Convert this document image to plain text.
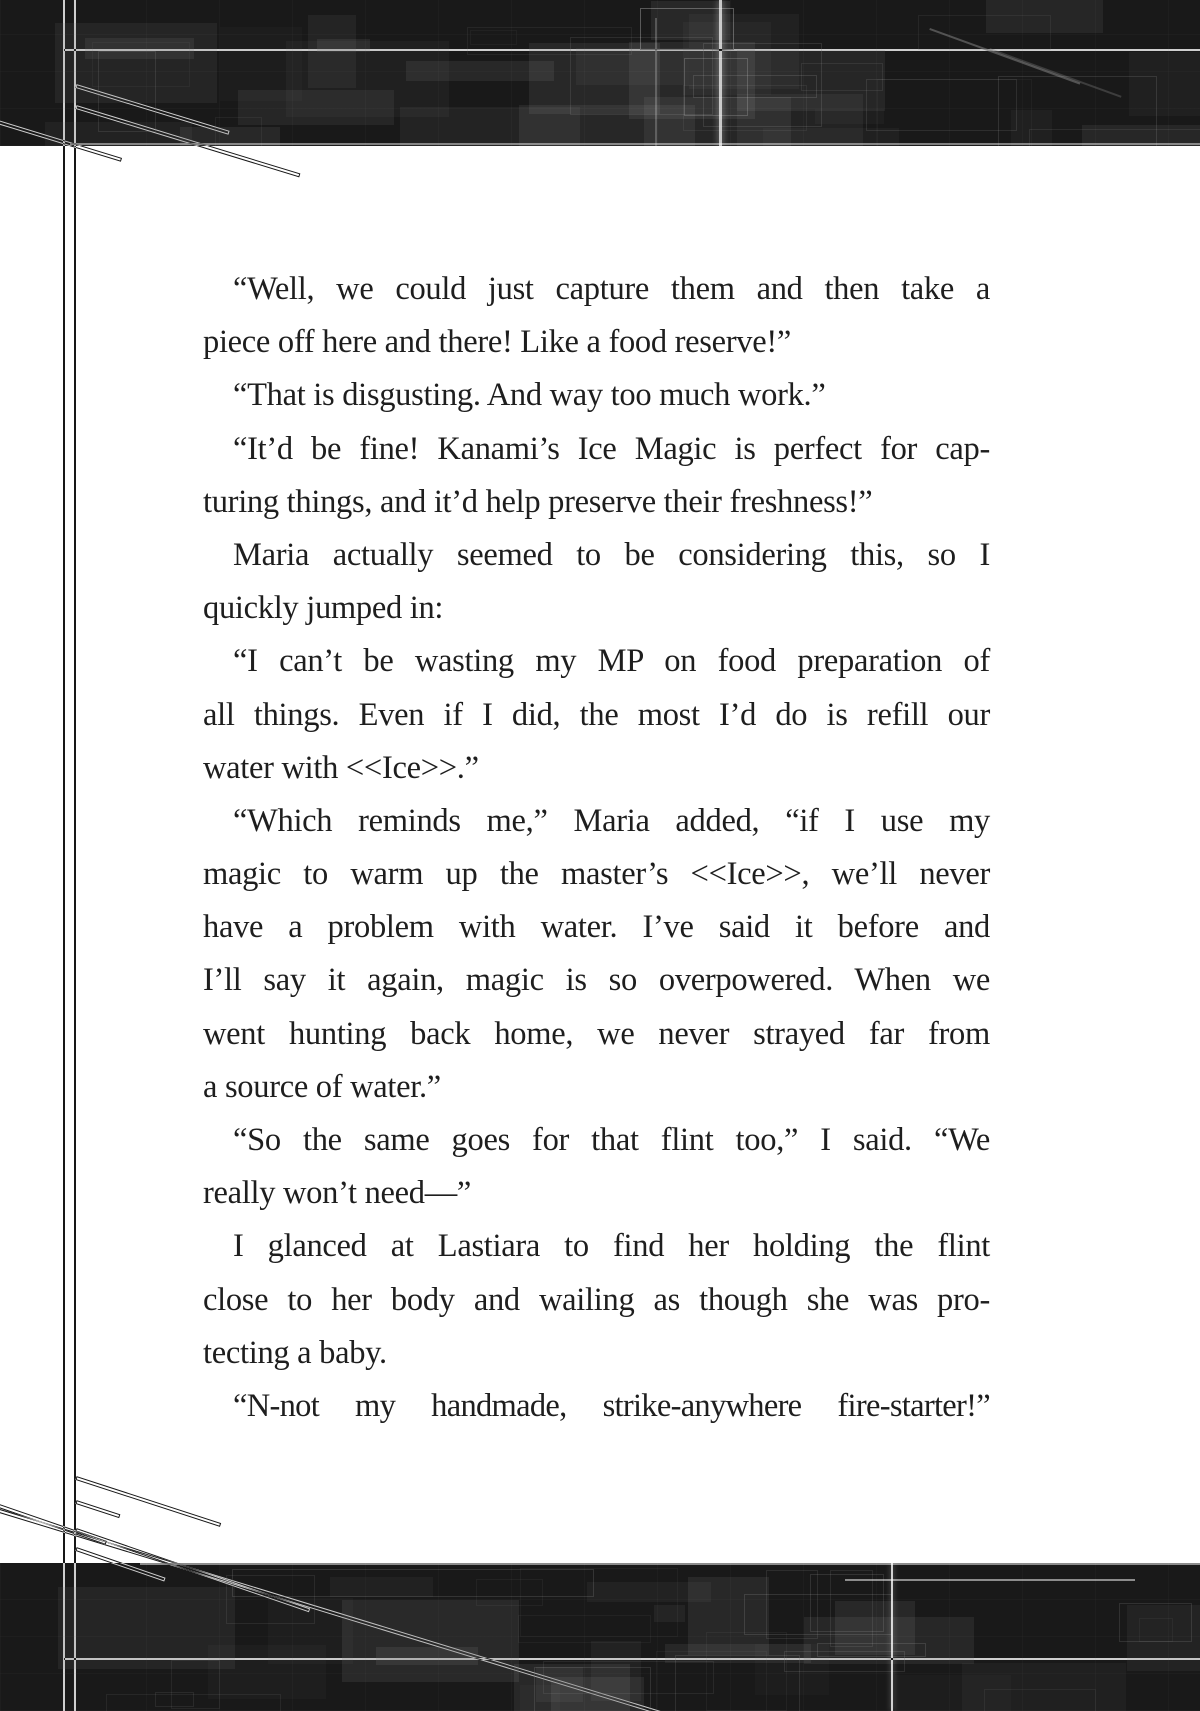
“Well, we could just capture them and then take a
piece off here and there! Like a food reserve!”
“That is disgusting. And way too much work.”
“It’d be fine! Kanami’s Ice Magic is perfect for cap-
turing things, and it’d help preserve their freshness!”
Maria actually seemed to be considering this, so I
quickly jumped in:
“I can’t be wasting my MP on food preparation of
all things. Even if I did, the most I’d do is refill our
water with <<Ice>>.”
“Which reminds me,” Maria added, “if I use my
magic to warm up the master’s <<Ice>>, we’ll never
have a problem with water. I’ve said it before and
I’ll say it again, magic is so overpowered. When we
went hunting back home, we never strayed far from
a source of water.”
“So the same goes for that flint too,” I said. “We
really won’t need—”
I glanced at Lastiara to find her holding the flint
close to her body and wailing as though she was pro-
tecting a baby.
“N-not my handmade, strike-anywhere fire-starter!”
